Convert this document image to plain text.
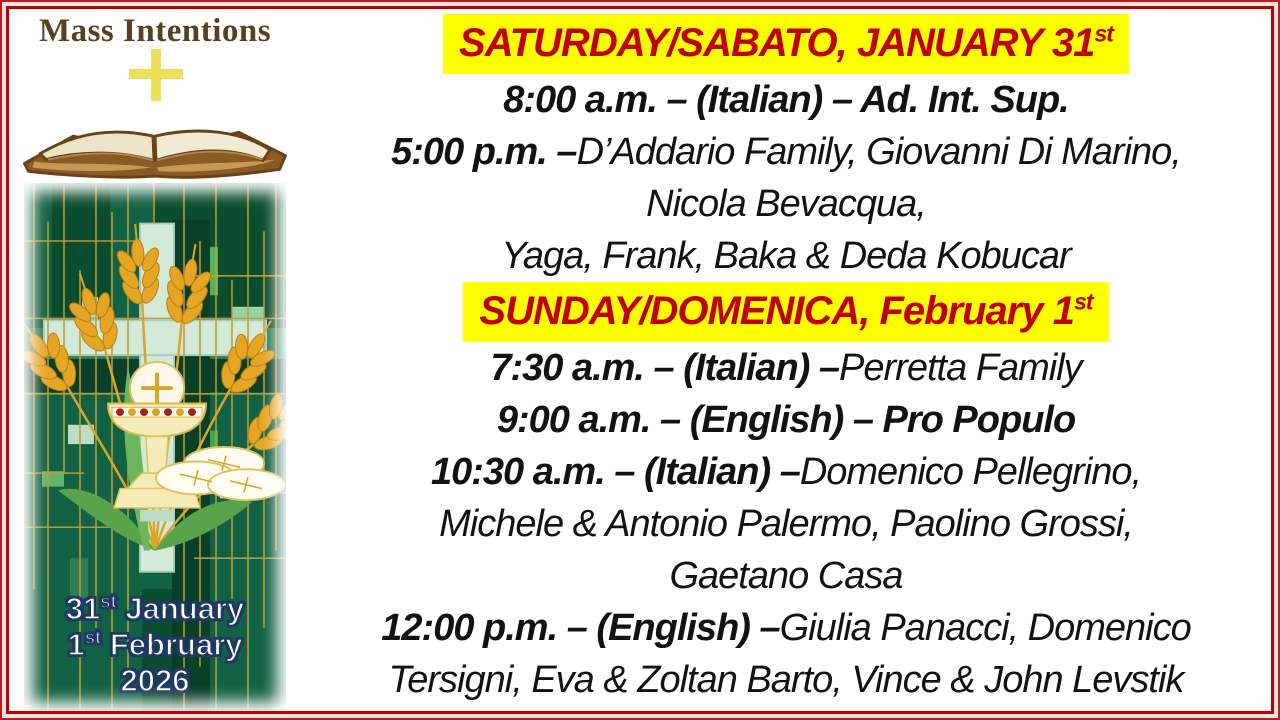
Mass Intentions
31st January
1st February
2026
SATURDAY/SABATO, JANUARY 31st
8:00 a.m. – (Italian) – Ad. Int. Sup.
5:00 p.m. – D’Addario Family, Giovanni Di Marino,
Nicola Bevacqua,
Yaga, Frank, Baka & Deda Kobucar
SUNDAY/DOMENICA, February 1st
7:30 a.m. – (Italian) – Perretta Family
9:00 a.m. – (English) – Pro Populo
10:30 a.m. – (Italian) – Domenico Pellegrino,
Michele & Antonio Palermo, Paolino Grossi,
Gaetano Casa
12:00 p.m. – (English) – Giulia Panacci, Domenico
Tersigni, Eva & Zoltan Barto, Vince & John Levstik
